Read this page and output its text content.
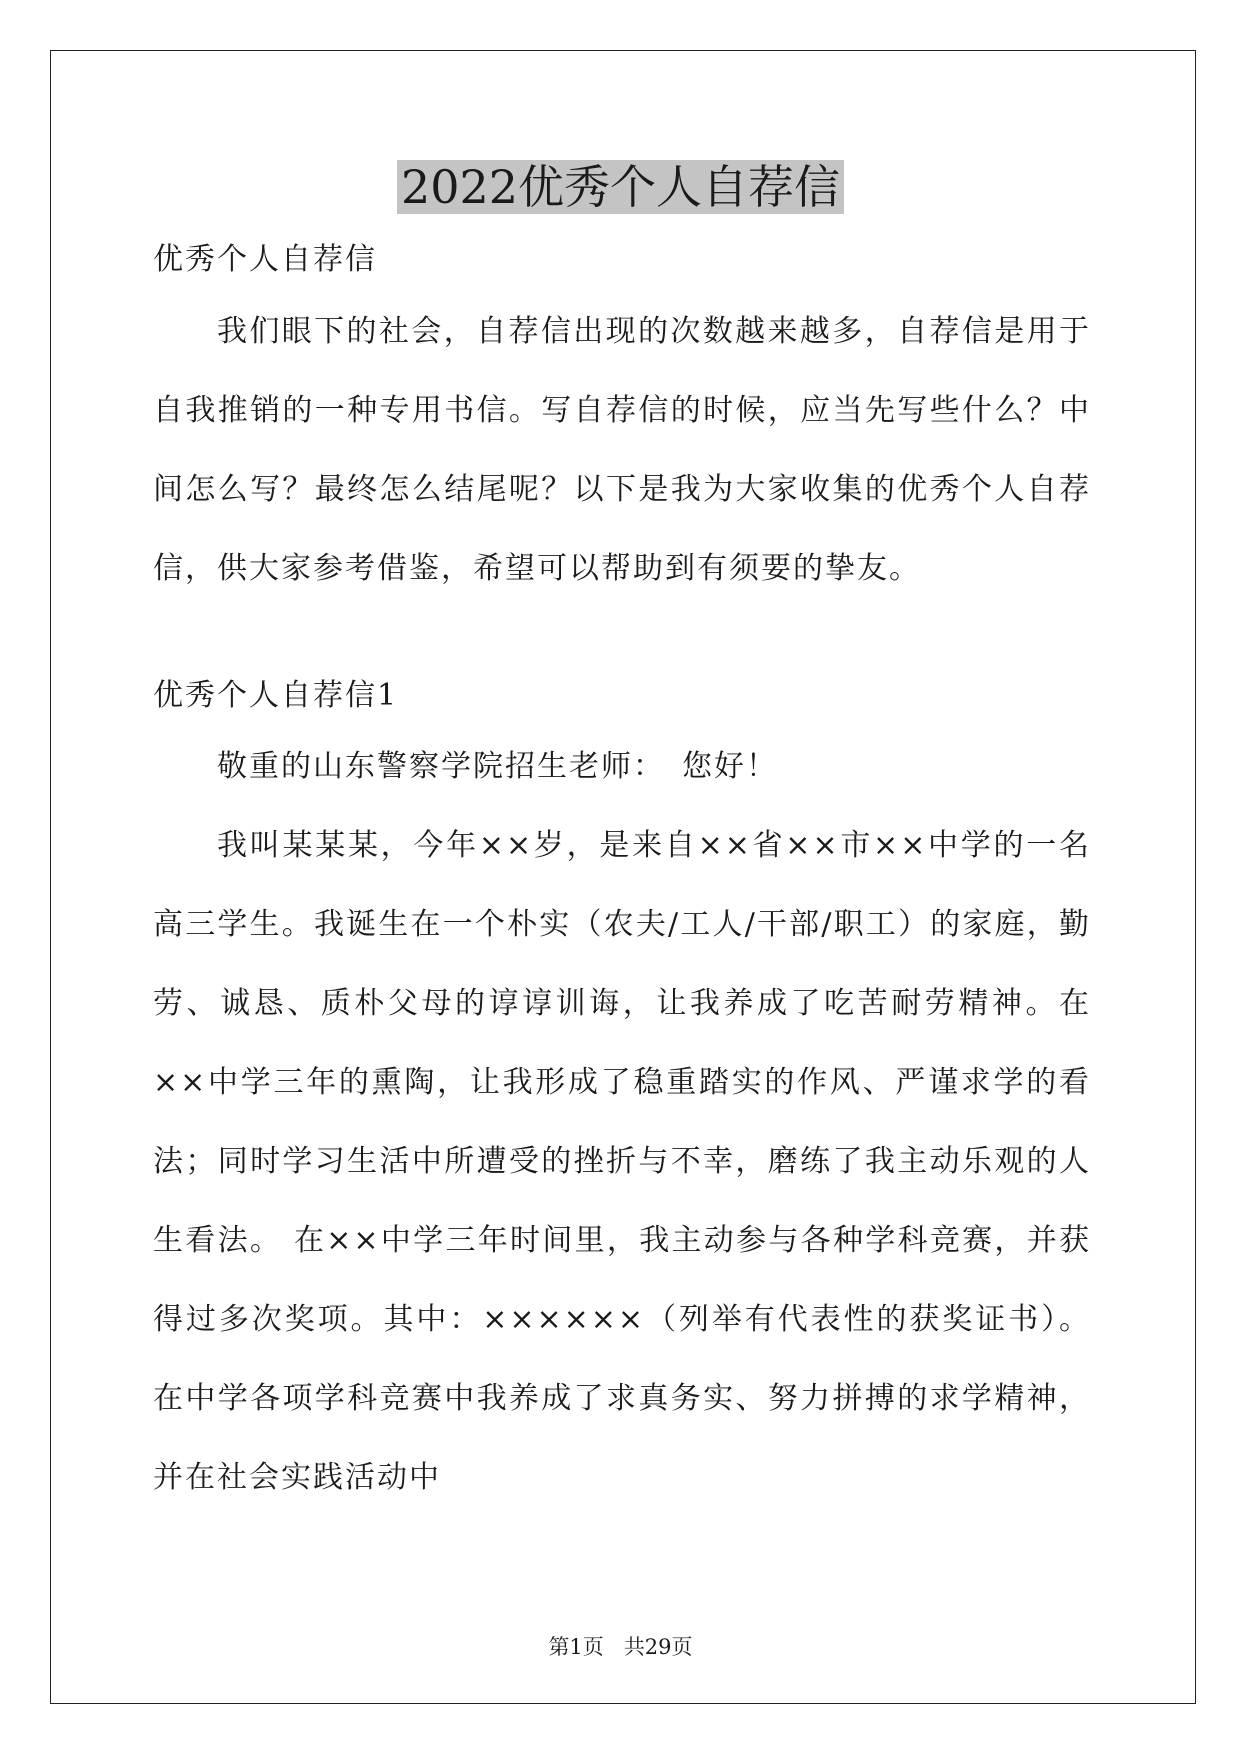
2022优秀个人自荐信
优秀个人自荐信
我们眼下的社会，自荐信出现的次数越来越多，自荐信是用于自我推销的一种专用书信。写自荐信的时候，应当先写些什么？中间怎么写？最终怎么结尾呢？以下是我为大家收集的优秀个人自荐信，供大家参考借鉴，希望可以帮助到有须要的挚友。
优秀个人自荐信1
敬重的山东警察学院招生老师：　您好！
我叫某某某，今年××岁，是来自××省××市××中学的一名高三学生。我诞生在一个朴实（农夫/工人/干部/职工）的家庭，勤劳、诚恳、质朴父母的谆谆训诲，让我养成了吃苦耐劳精神。在××中学三年的熏陶，让我形成了稳重踏实的作风、严谨求学的看法；同时学习生活中所遭受的挫折与不幸，磨练了我主动乐观的人生看法。 在××中学三年时间里，我主动参与各种学科竞赛，并获得过多次奖项。其中：××××××（列举有代表性的获奖证书）。在中学各项学科竞赛中我养成了求真务实、努力拼搏的求学精神，并在社会实践活动中
第1页 共29页
